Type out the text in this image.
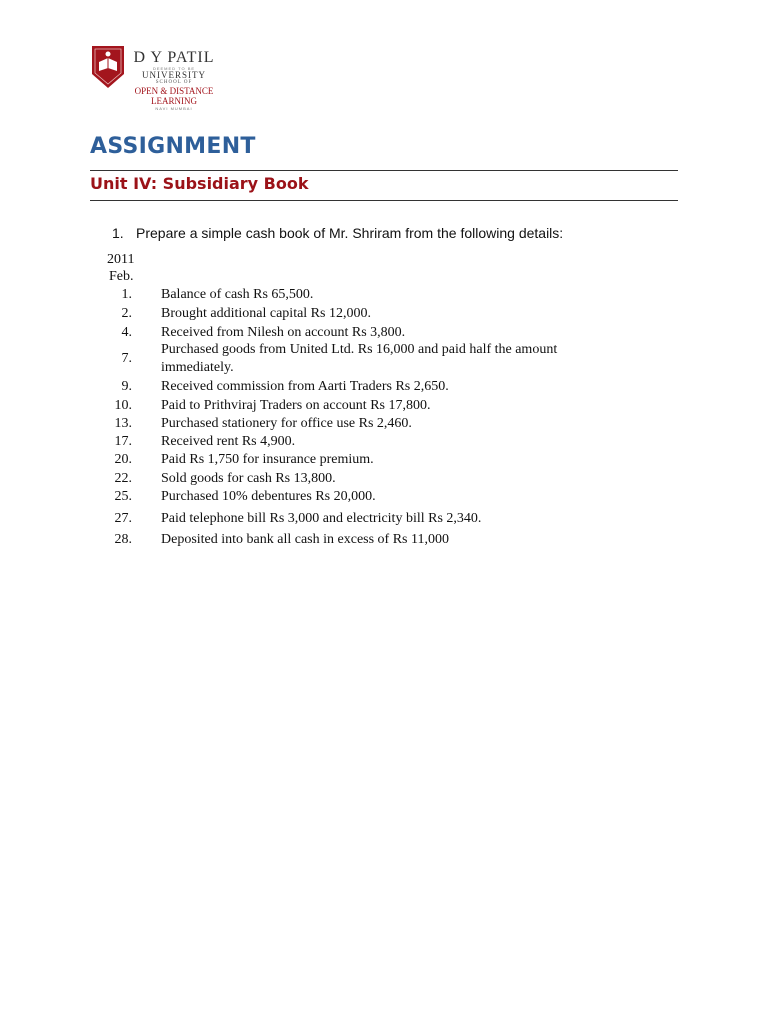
D Y PATIL
DEEMED TO BE
UNIVERSITY
SCHOOL OF
OPEN & DISTANCE
LEARNING
NAVI MUMBAI
ASSIGNMENT
Unit IV: Subsidiary Book
1. Prepare a simple cash book of Mr. Shriram from the following details:
2011
Feb.
1. Balance of cash Rs 65,500.
2. Brought additional capital Rs 12,000.
4. Received from Nilesh on account Rs 3,800.
7.
Purchased goods from United Ltd. Rs 16,000 and paid half the amount immediately.
9. Received commission from Aarti Traders Rs 2,650.
10. Paid to Prithviraj Traders on account Rs 17,800.
13. Purchased stationery for office use Rs 2,460.
17. Received rent Rs 4,900.
20. Paid Rs 1,750 for insurance premium.
22. Sold goods for cash Rs 13,800.
25. Purchased 10% debentures Rs 20,000.
27. Paid telephone bill Rs 3,000 and electricity bill Rs 2,340.
28. Deposited into bank all cash in excess of Rs 11,000
